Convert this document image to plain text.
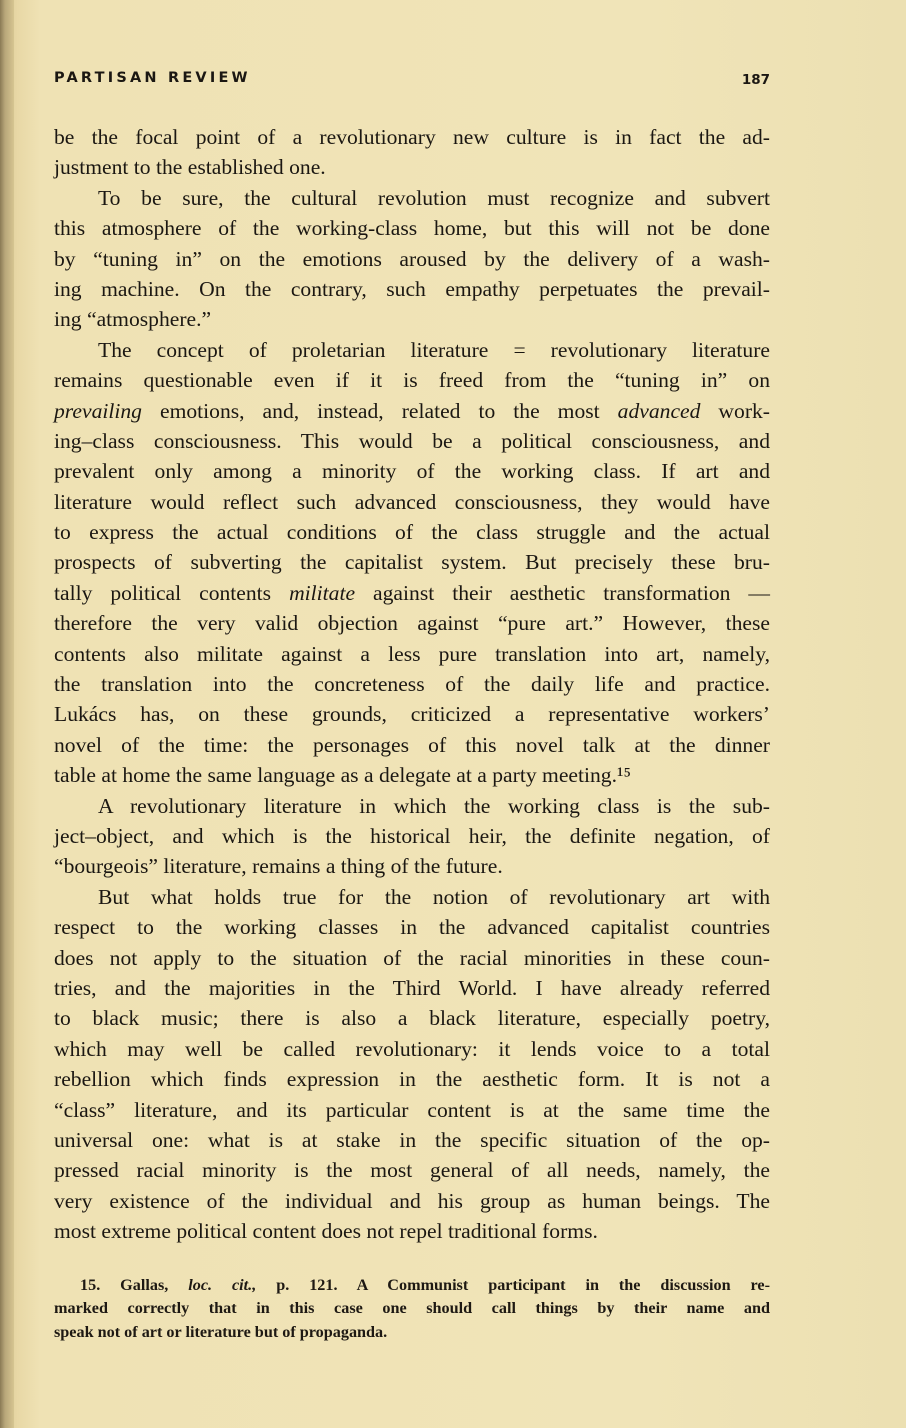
PARTISAN REVIEW	187
be the focal point of a revolutionary new culture is in fact the ad-
justment to the established one.
To be sure, the cultural revolution must recognize and subvert
this atmosphere of the working-class home, but this will not be done
by “tuning in” on the emotions aroused by the delivery of a wash-
ing machine. On the contrary, such empathy perpetuates the prevail-
ing “atmosphere.”
The concept of proletarian literature = revolutionary literature
remains questionable even if it is freed from the “tuning in” on
prevailing emotions, and, instead, related to the most advanced work-
ing–class consciousness. This would be a political consciousness, and
prevalent only among a minority of the working class. If art and
literature would reflect such advanced consciousness, they would have
to express the actual conditions of the class struggle and the actual
prospects of subverting the capitalist system. But precisely these bru-
tally political contents militate against their aesthetic transformation —
therefore the very valid objection against “pure art.” However, these
contents also militate against a less pure translation into art, namely,
the translation into the concreteness of the daily life and practice.
Lukács has, on these grounds, criticized a representative workers’
novel of the time: the personages of this novel talk at the dinner
table at home the same language as a delegate at a party meeting.¹⁵
A revolutionary literature in which the working class is the sub-
ject–object, and which is the historical heir, the definite negation, of
“bourgeois” literature, remains a thing of the future.
But what holds true for the notion of revolutionary art with
respect to the working classes in the advanced capitalist countries
does not apply to the situation of the racial minorities in these coun-
tries, and the majorities in the Third World. I have already referred
to black music; there is also a black literature, especially poetry,
which may well be called revolutionary: it lends voice to a total
rebellion which finds expression in the aesthetic form. It is not a
“class” literature, and its particular content is at the same time the
universal one: what is at stake in the specific situation of the op-
pressed racial minority is the most general of all needs, namely, the
very existence of the individual and his group as human beings. The
most extreme political content does not repel traditional forms.
15. Gallas, loc. cit., p. 121. A Communist participant in the discussion re-
marked correctly that in this case one should call things by their name and
speak not of art or literature but of propaganda.
